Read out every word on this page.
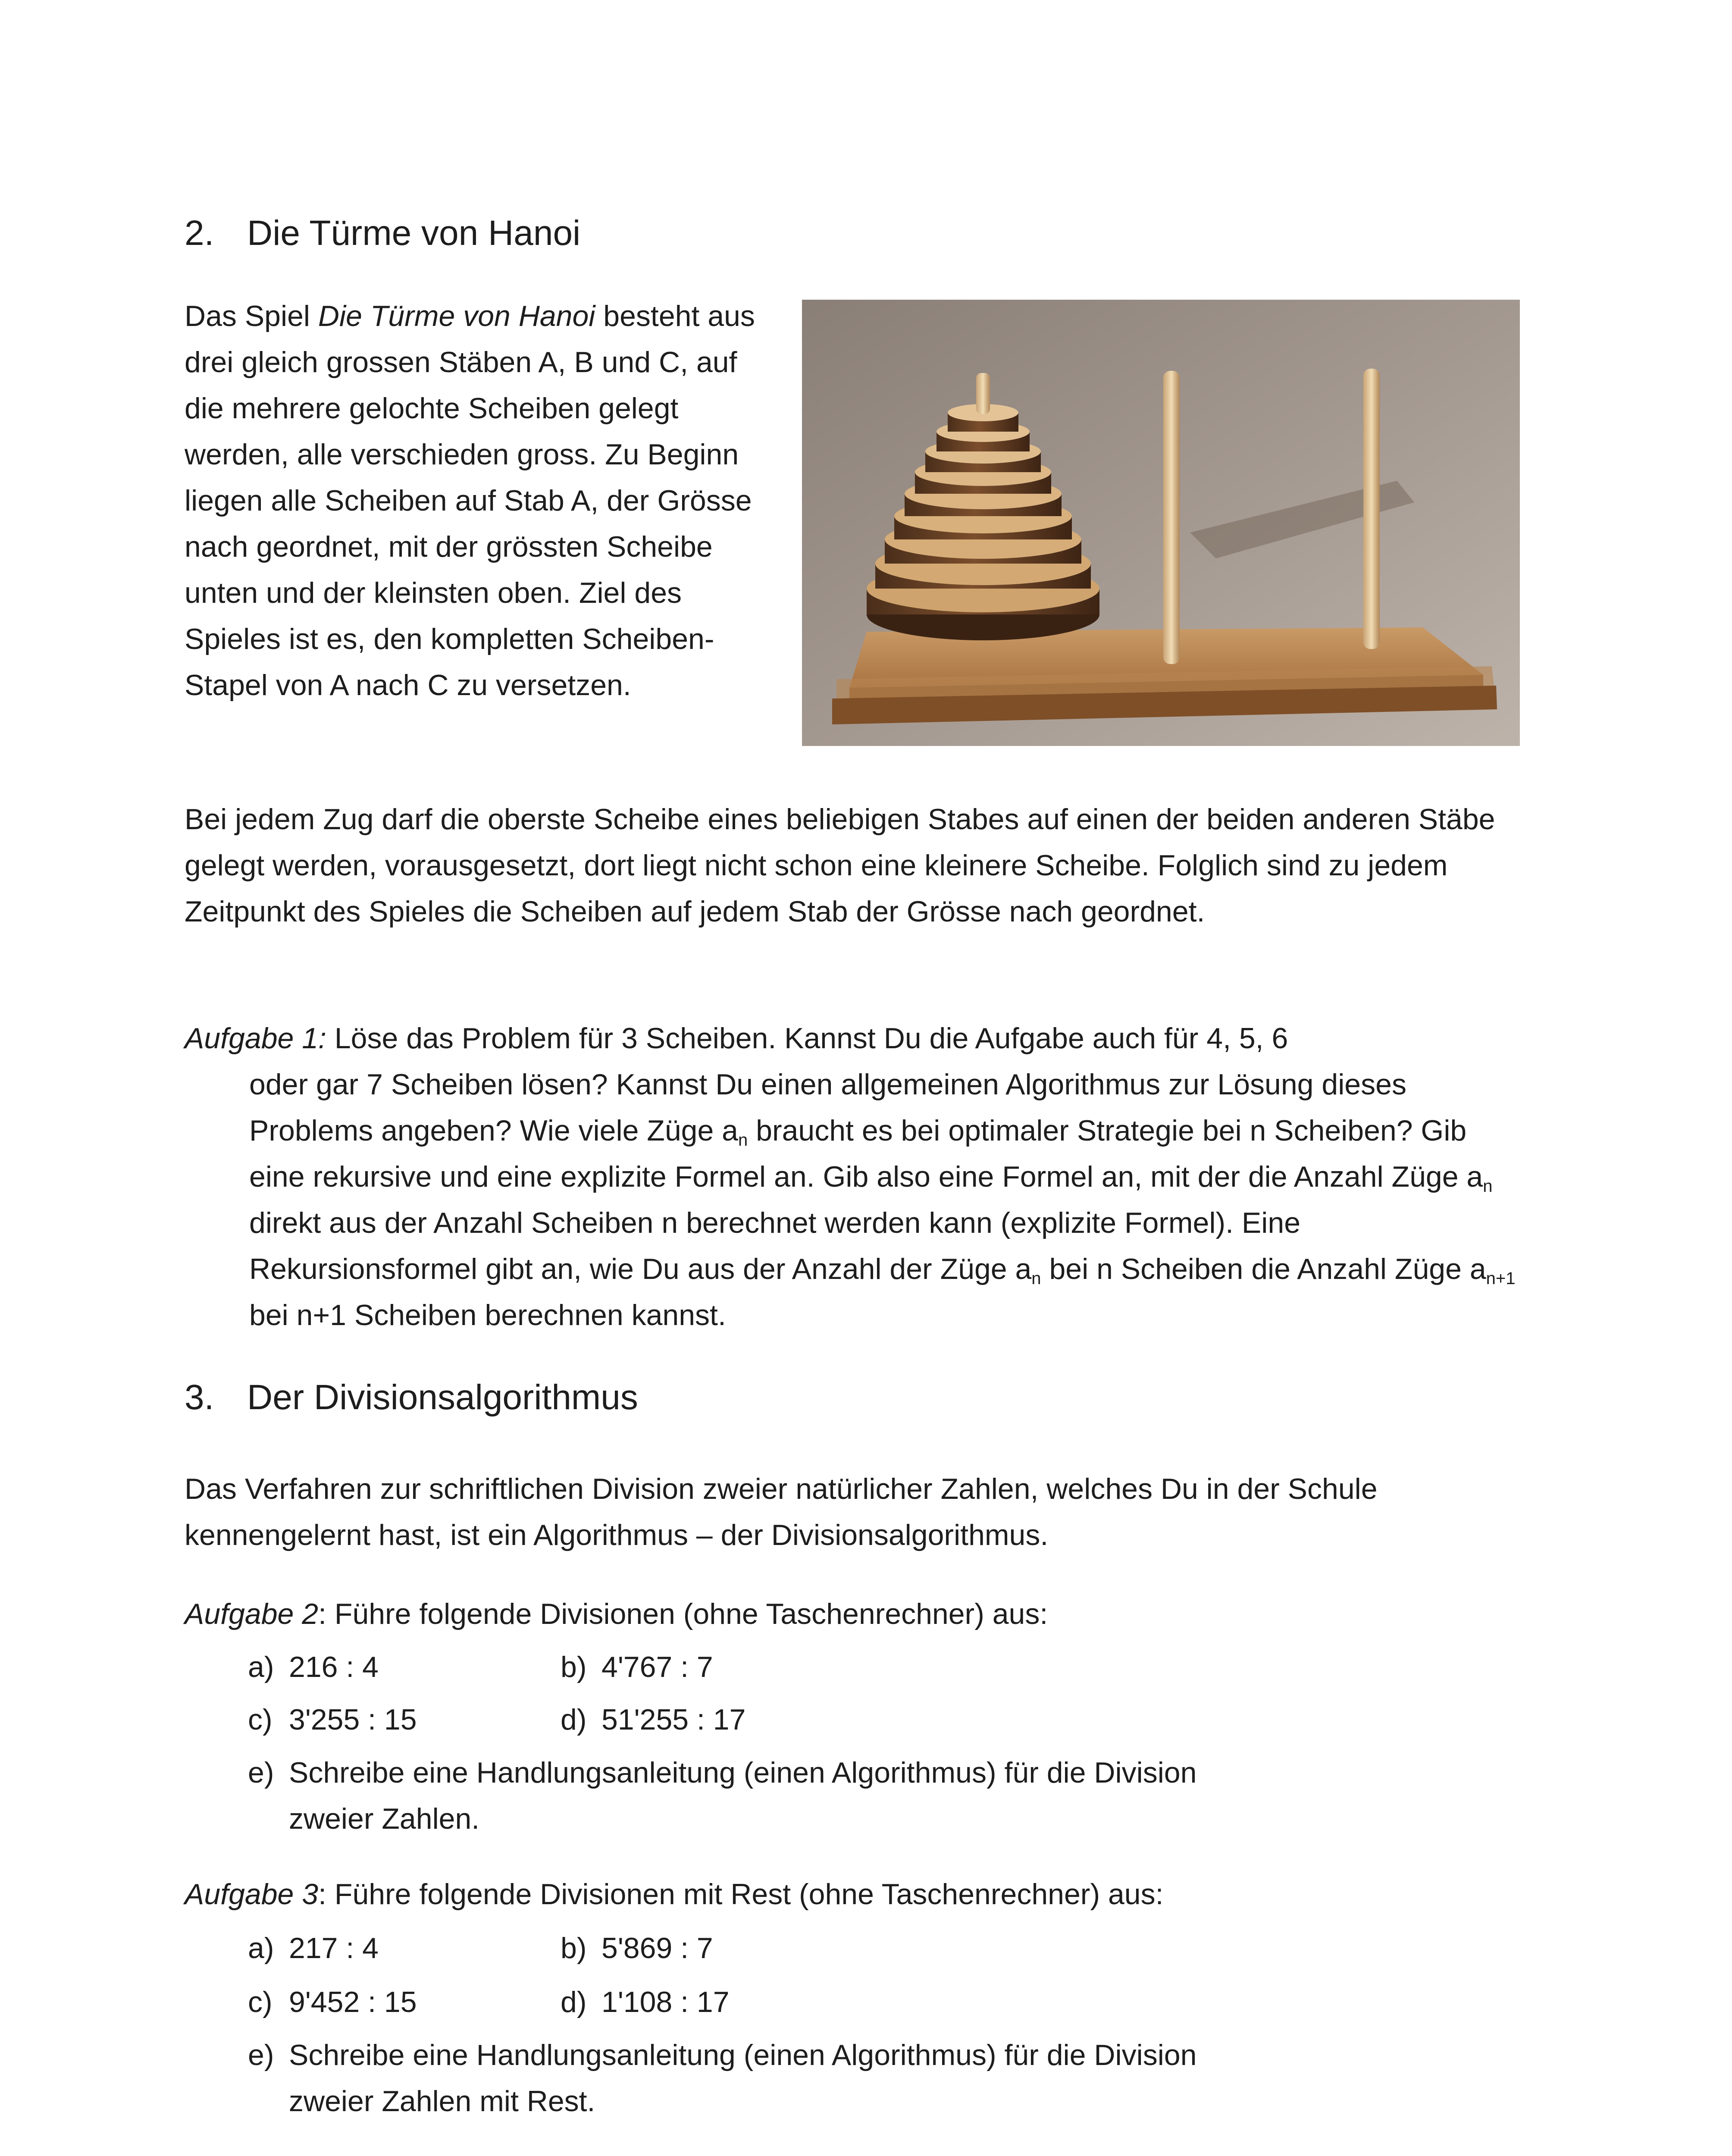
2. Die Türme von Hanoi

Das Spiel Die Türme von Hanoi besteht aus drei gleich grossen Stäben A, B und C, auf die mehrere gelochte Scheiben gelegt werden, alle verschieden gross. Zu Beginn liegen alle Scheiben auf Stab A, der Grösse nach geordnet, mit der grössten Scheibe unten und der kleinsten oben. Ziel des Spieles ist es, den kompletten Scheiben-Stapel von A nach C zu versetzen.

Bei jedem Zug darf die oberste Scheibe eines beliebigen Stabes auf einen der beiden anderen Stäbe gelegt werden, vorausgesetzt, dort liegt nicht schon eine kleinere Scheibe. Folglich sind zu jedem Zeitpunkt des Spieles die Scheiben auf jedem Stab der Grösse nach geordnet.

Aufgabe 1: Löse das Problem für 3 Scheiben. Kannst Du die Aufgabe auch für 4, 5, 6
oder gar 7 Scheiben lösen? Kannst Du einen allgemeinen Algorithmus zur Lösung dieses Problems angeben? Wie viele Züge $a_n$ braucht es bei optimaler Strategie bei n Scheiben? Gib eine rekursive und eine explizite Formel an. Gib also eine Formel an, mit der die Anzahl Züge $a_n$ direkt aus der Anzahl Scheiben n berechnet werden kann (explizite Formel). Eine Rekursionsformel gibt an, wie Du aus der Anzahl der Züge $a_n$ bei n Scheiben die Anzahl Züge $a_{n+1}$ bei n+1 Scheiben berechnen kannst.

3. Der Divisionsalgorithmus

Das Verfahren zur schriftlichen Division zweier natürlicher Zahlen, welches Du in der Schule kennengelernt hast, ist ein Algorithmus – der Divisionsalgorithmus.

Aufgabe 2: Führe folgende Divisionen (ohne Taschenrechner) aus:

a) 216 : 4	b) 4'767 : 7
c) 3'255 : 15	d) 51'255 : 17
e) Schreibe eine Handlungsanleitung (einen Algorithmus) für die Division
zweier Zahlen.

Aufgabe 3: Führe folgende Divisionen mit Rest (ohne Taschenrechner) aus:

a) 217 : 4	b) 5'869 : 7
c) 9'452 : 15	d) 1'108 : 17
e) Schreibe eine Handlungsanleitung (einen Algorithmus) für die Division
zweier Zahlen mit Rest.
